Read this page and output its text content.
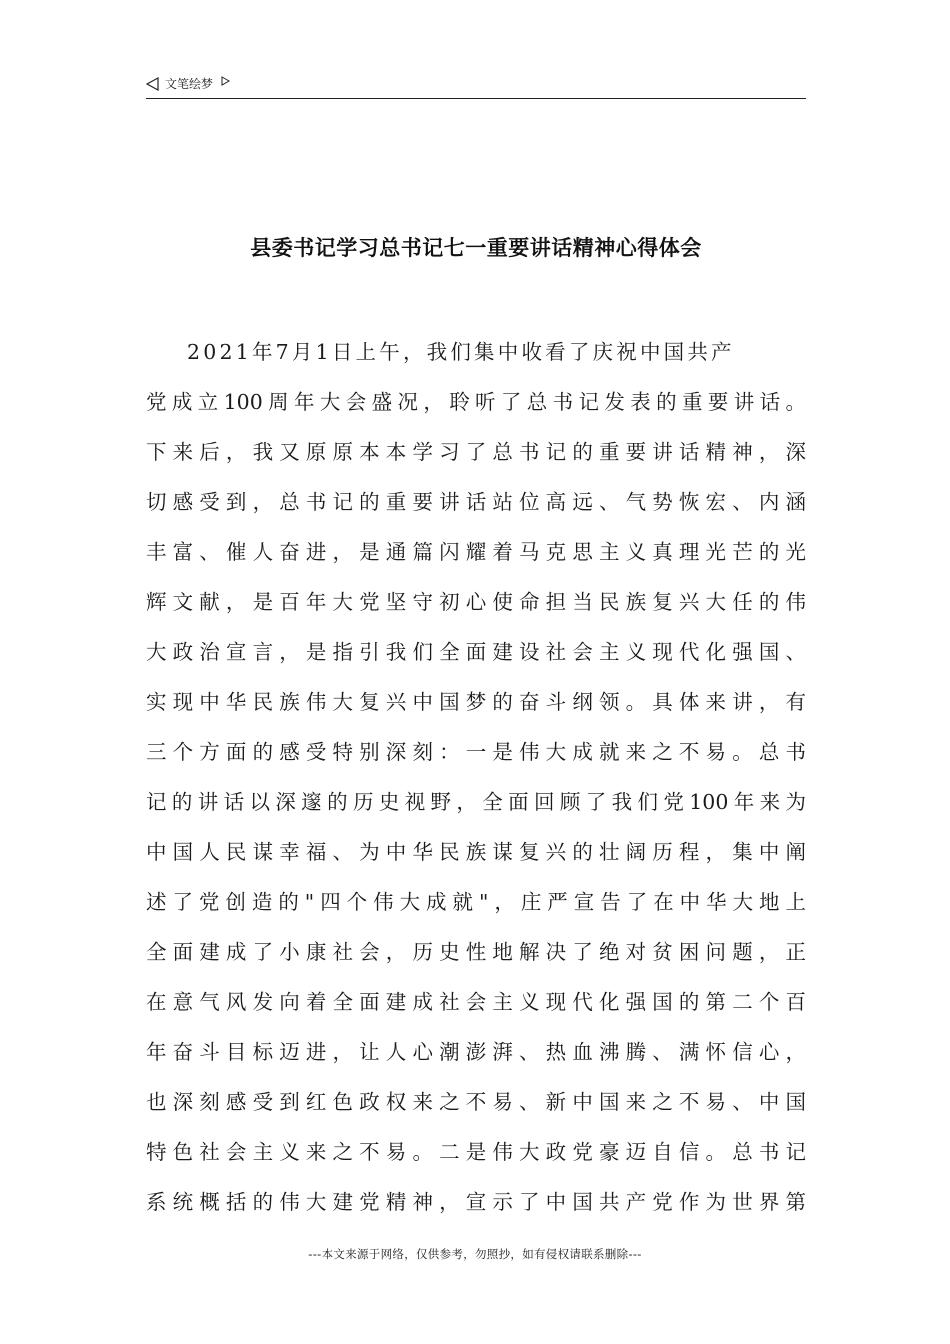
文笔绘梦
县委书记学习总书记七一重要讲话精神心得体会
2021年7月1日上午，我们集中收看了庆祝中国共产
党成立100周年大会盛况，聆听了总书记发表的重要讲话。
下来后，我又原原本本学习了总书记的重要讲话精神，深
切感受到，总书记的重要讲话站位高远、气势恢宏、内涵
丰富、催人奋进，是通篇闪耀着马克思主义真理光芒的光
辉文献，是百年大党坚守初心使命担当民族复兴大任的伟
大政治宣言，是指引我们全面建设社会主义现代化强国、
实现中华民族伟大复兴中国梦的奋斗纲领。具体来讲，有
三个方面的感受特别深刻：一是伟大成就来之不易。总书
记的讲话以深邃的历史视野，全面回顾了我们党100年来为
中国人民谋幸福、为中华民族谋复兴的壮阔历程，集中阐
述了党创造的"四个伟大成就"，庄严宣告了在中华大地上
全面建成了小康社会，历史性地解决了绝对贫困问题，正
在意气风发向着全面建成社会主义现代化强国的第二个百
年奋斗目标迈进，让人心潮澎湃、热血沸腾、满怀信心，
也深刻感受到红色政权来之不易、新中国来之不易、中国
特色社会主义来之不易。二是伟大政党豪迈自信。总书记
系统概括的伟大建党精神，宣示了中国共产党作为世界第
---本文来源于网络，仅供参考，勿照抄，如有侵权请联系删除---
